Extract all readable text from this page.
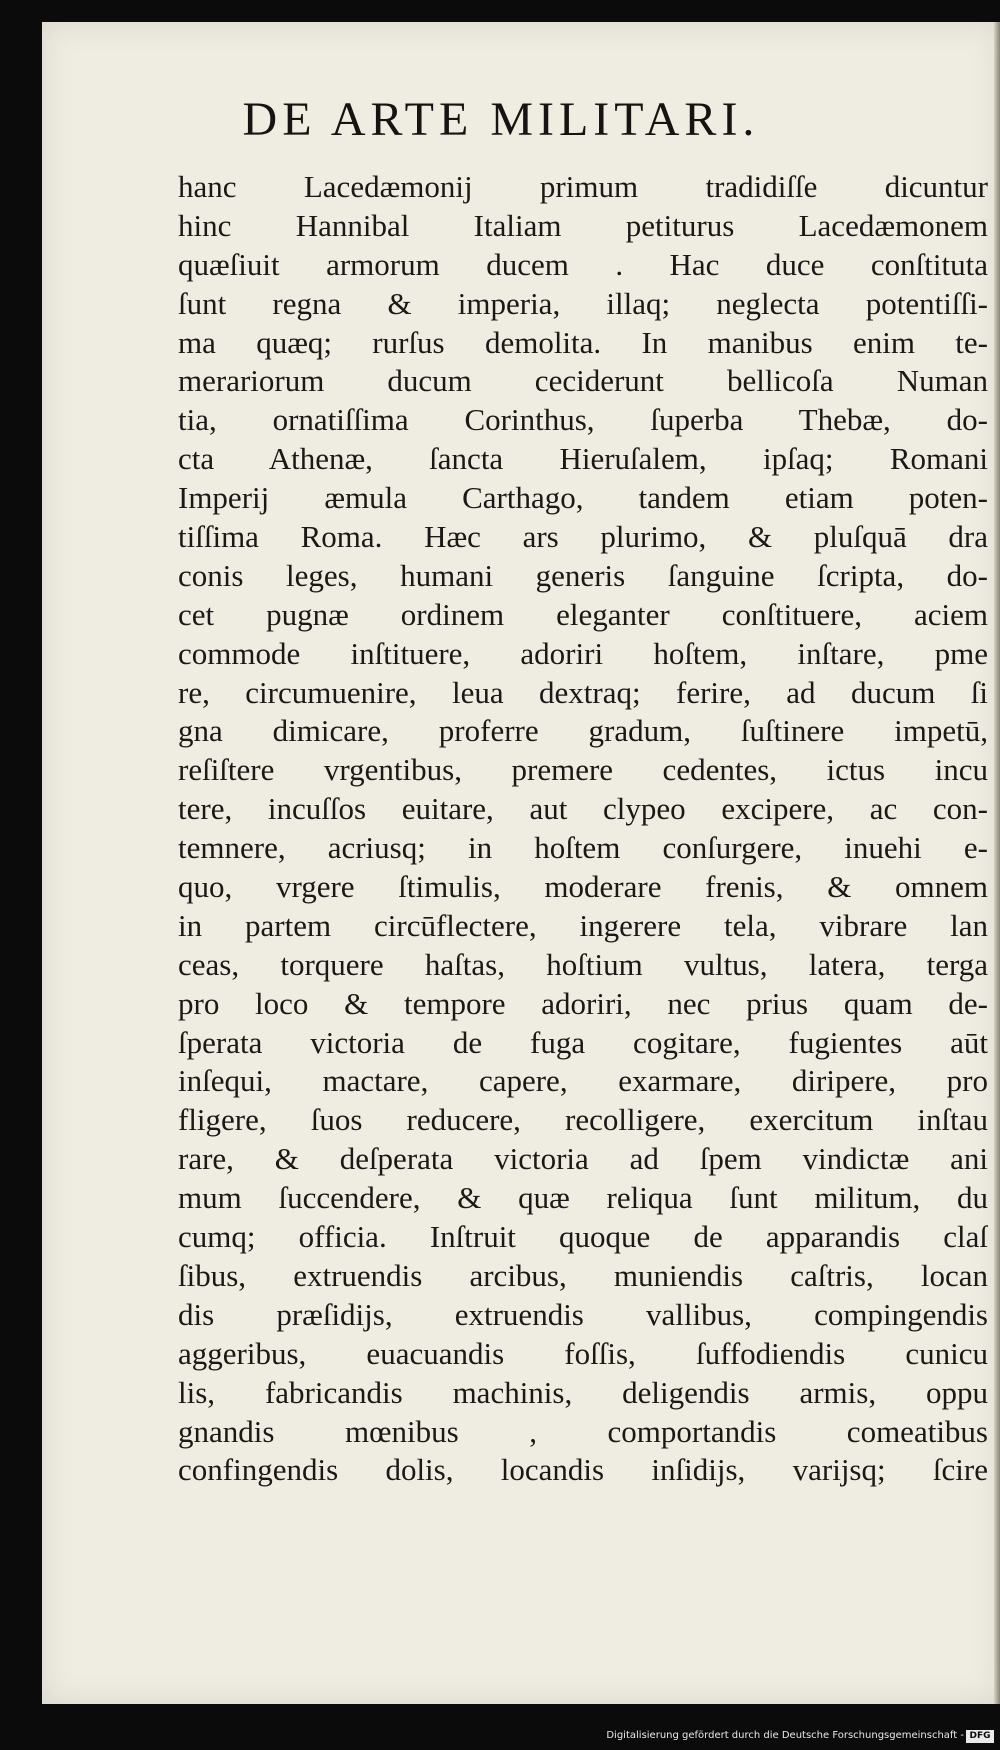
DE ARTE MILITARI.
hanc Lacedæmonij primum tradidiſſe dicuntur
hinc Hannibal Italiam petiturus Lacedæmonem
quæſiuit armorum ducem . Hac duce conſtituta
ſunt regna & imperia, illaq; neglecta potentiſſi-
ma quæq; rurſus demolita. In manibus enim te-
merariorum ducum ceciderunt bellicoſa Numan
tia, ornatiſſima Corinthus, ſuperba Thebæ, do-
cta Athenæ, ſancta Hieruſalem, ipſaq; Romani
Imperij æmula Carthago, tandem etiam poten-
tiſſima Roma. Hæc ars plurimo, & pluſquā dra
conis leges, humani generis ſanguine ſcripta, do-
cet pugnæ ordinem eleganter conſtituere, aciem
commode inſtituere, adoriri hoſtem, inſtare, pme
re, circumuenire, leua dextraq; ferire, ad ducum ſi
gna dimicare, proferre gradum, ſuſtinere impetū,
reſiſtere vrgentibus, premere cedentes, ictus incu
tere, incuſſos euitare, aut clypeo excipere, ac con-
temnere, acriusq; in hoſtem conſurgere, inuehi e-
quo, vrgere ſtimulis, moderare frenis, & omnem
in partem circūflectere, ingerere tela, vibrare lan
ceas, torquere haſtas, hoſtium vultus, latera, terga
pro loco & tempore adoriri, nec prius quam de-
ſperata victoria de fuga cogitare, fugientes aūt
inſequi, mactare, capere, exarmare, diripere, pro
fligere, ſuos reducere, recolligere, exercitum inſtau
rare, & deſperata victoria ad ſpem vindictæ ani
mum ſuccendere, & quæ reliqua ſunt militum, du
cumq; officia. Inſtruit quoque de apparandis claſ
ſibus, extruendis arcibus, muniendis caſtris, locan
dis præſidijs, extruendis vallibus, compingendis
aggeribus, euacuandis foſſis, ſuffodiendis cunicu
lis, fabricandis machinis, deligendis armis, oppu
gnandis mœnibus , comportandis comeatibus
confingendis dolis, locandis inſidijs, varijsq; ſcire
Digitalisierung gefördert durch die Deutsche Forschungsgemeinschaft - DFG
